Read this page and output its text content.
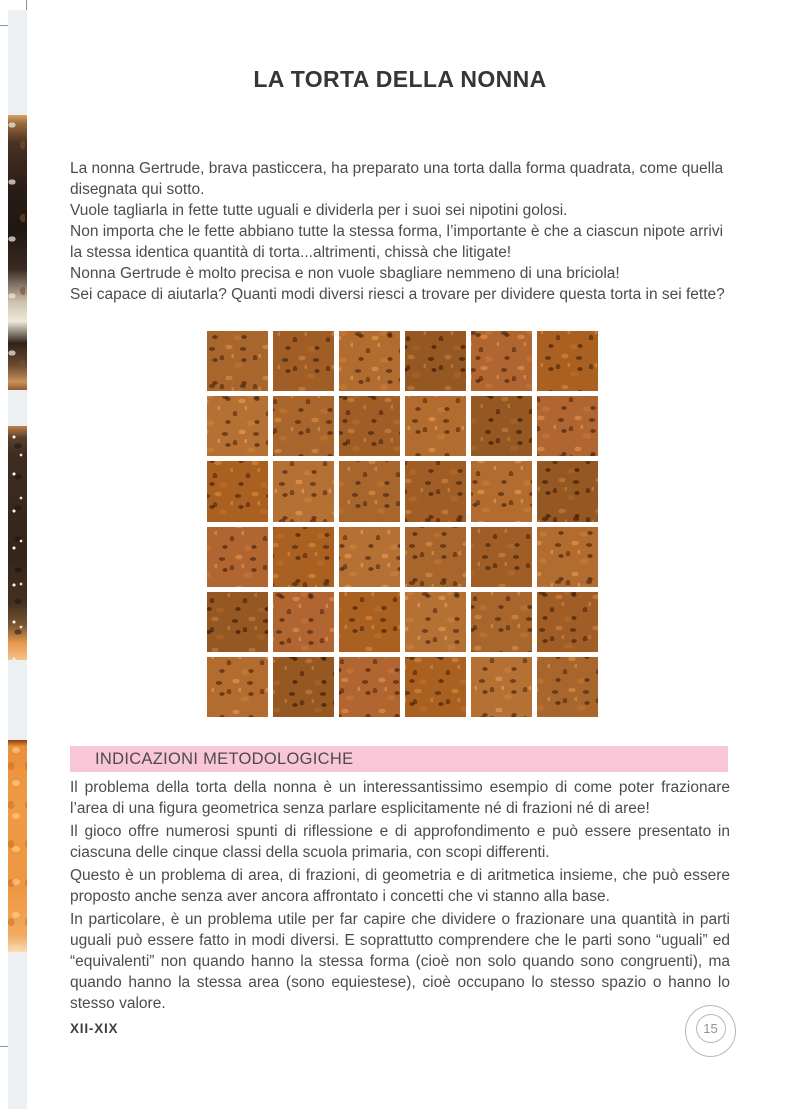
LA TORTA DELLA NONNA

La nonna Gertrude, brava pasticcera, ha preparato una torta dalla forma quadrata, come quella disegnata qui sotto.

Vuole tagliarla in fette tutte uguali e dividerla per i suoi sei nipotini golosi.

Non importa che le fette abbiano tutte la stessa forma, l’importante è che a ciascun nipote arrivi la stessa identica quantità di torta...altrimenti, chissà che litigate!

Nonna Gertrude è molto precisa e non vuole sbagliare nemmeno di una briciola!

Sei capace di aiutarla? Quanti modi diversi riesci a trovare per dividere questa torta in sei fette?

INDICAZIONI METODOLOGICHE

Il problema della torta della nonna è un interessantissimo esempio di come poter frazionare l’area di una figura geometrica senza parlare esplicitamente né di frazioni né di aree!

Il gioco offre numerosi spunti di riflessione e di approfondimento e può essere presentato in ciascuna delle cinque classi della scuola primaria, con scopi differenti.

Questo è un problema di area, di frazioni, di geometria e di aritmetica insieme, che può essere proposto anche senza aver ancora affrontato i concetti che vi stanno alla base.

In particolare, è un problema utile per far capire che dividere o frazionare una quantità in parti uguali può essere fatto in modi diversi. E soprattutto comprendere che le parti sono “uguali” ed “equivalenti” non quando hanno la stessa forma (cioè non solo quando sono congruenti), ma quando hanno la stessa area (sono equiestese), cioè occupano lo stesso spazio o hanno lo stesso valore.

XII-XIX	15
